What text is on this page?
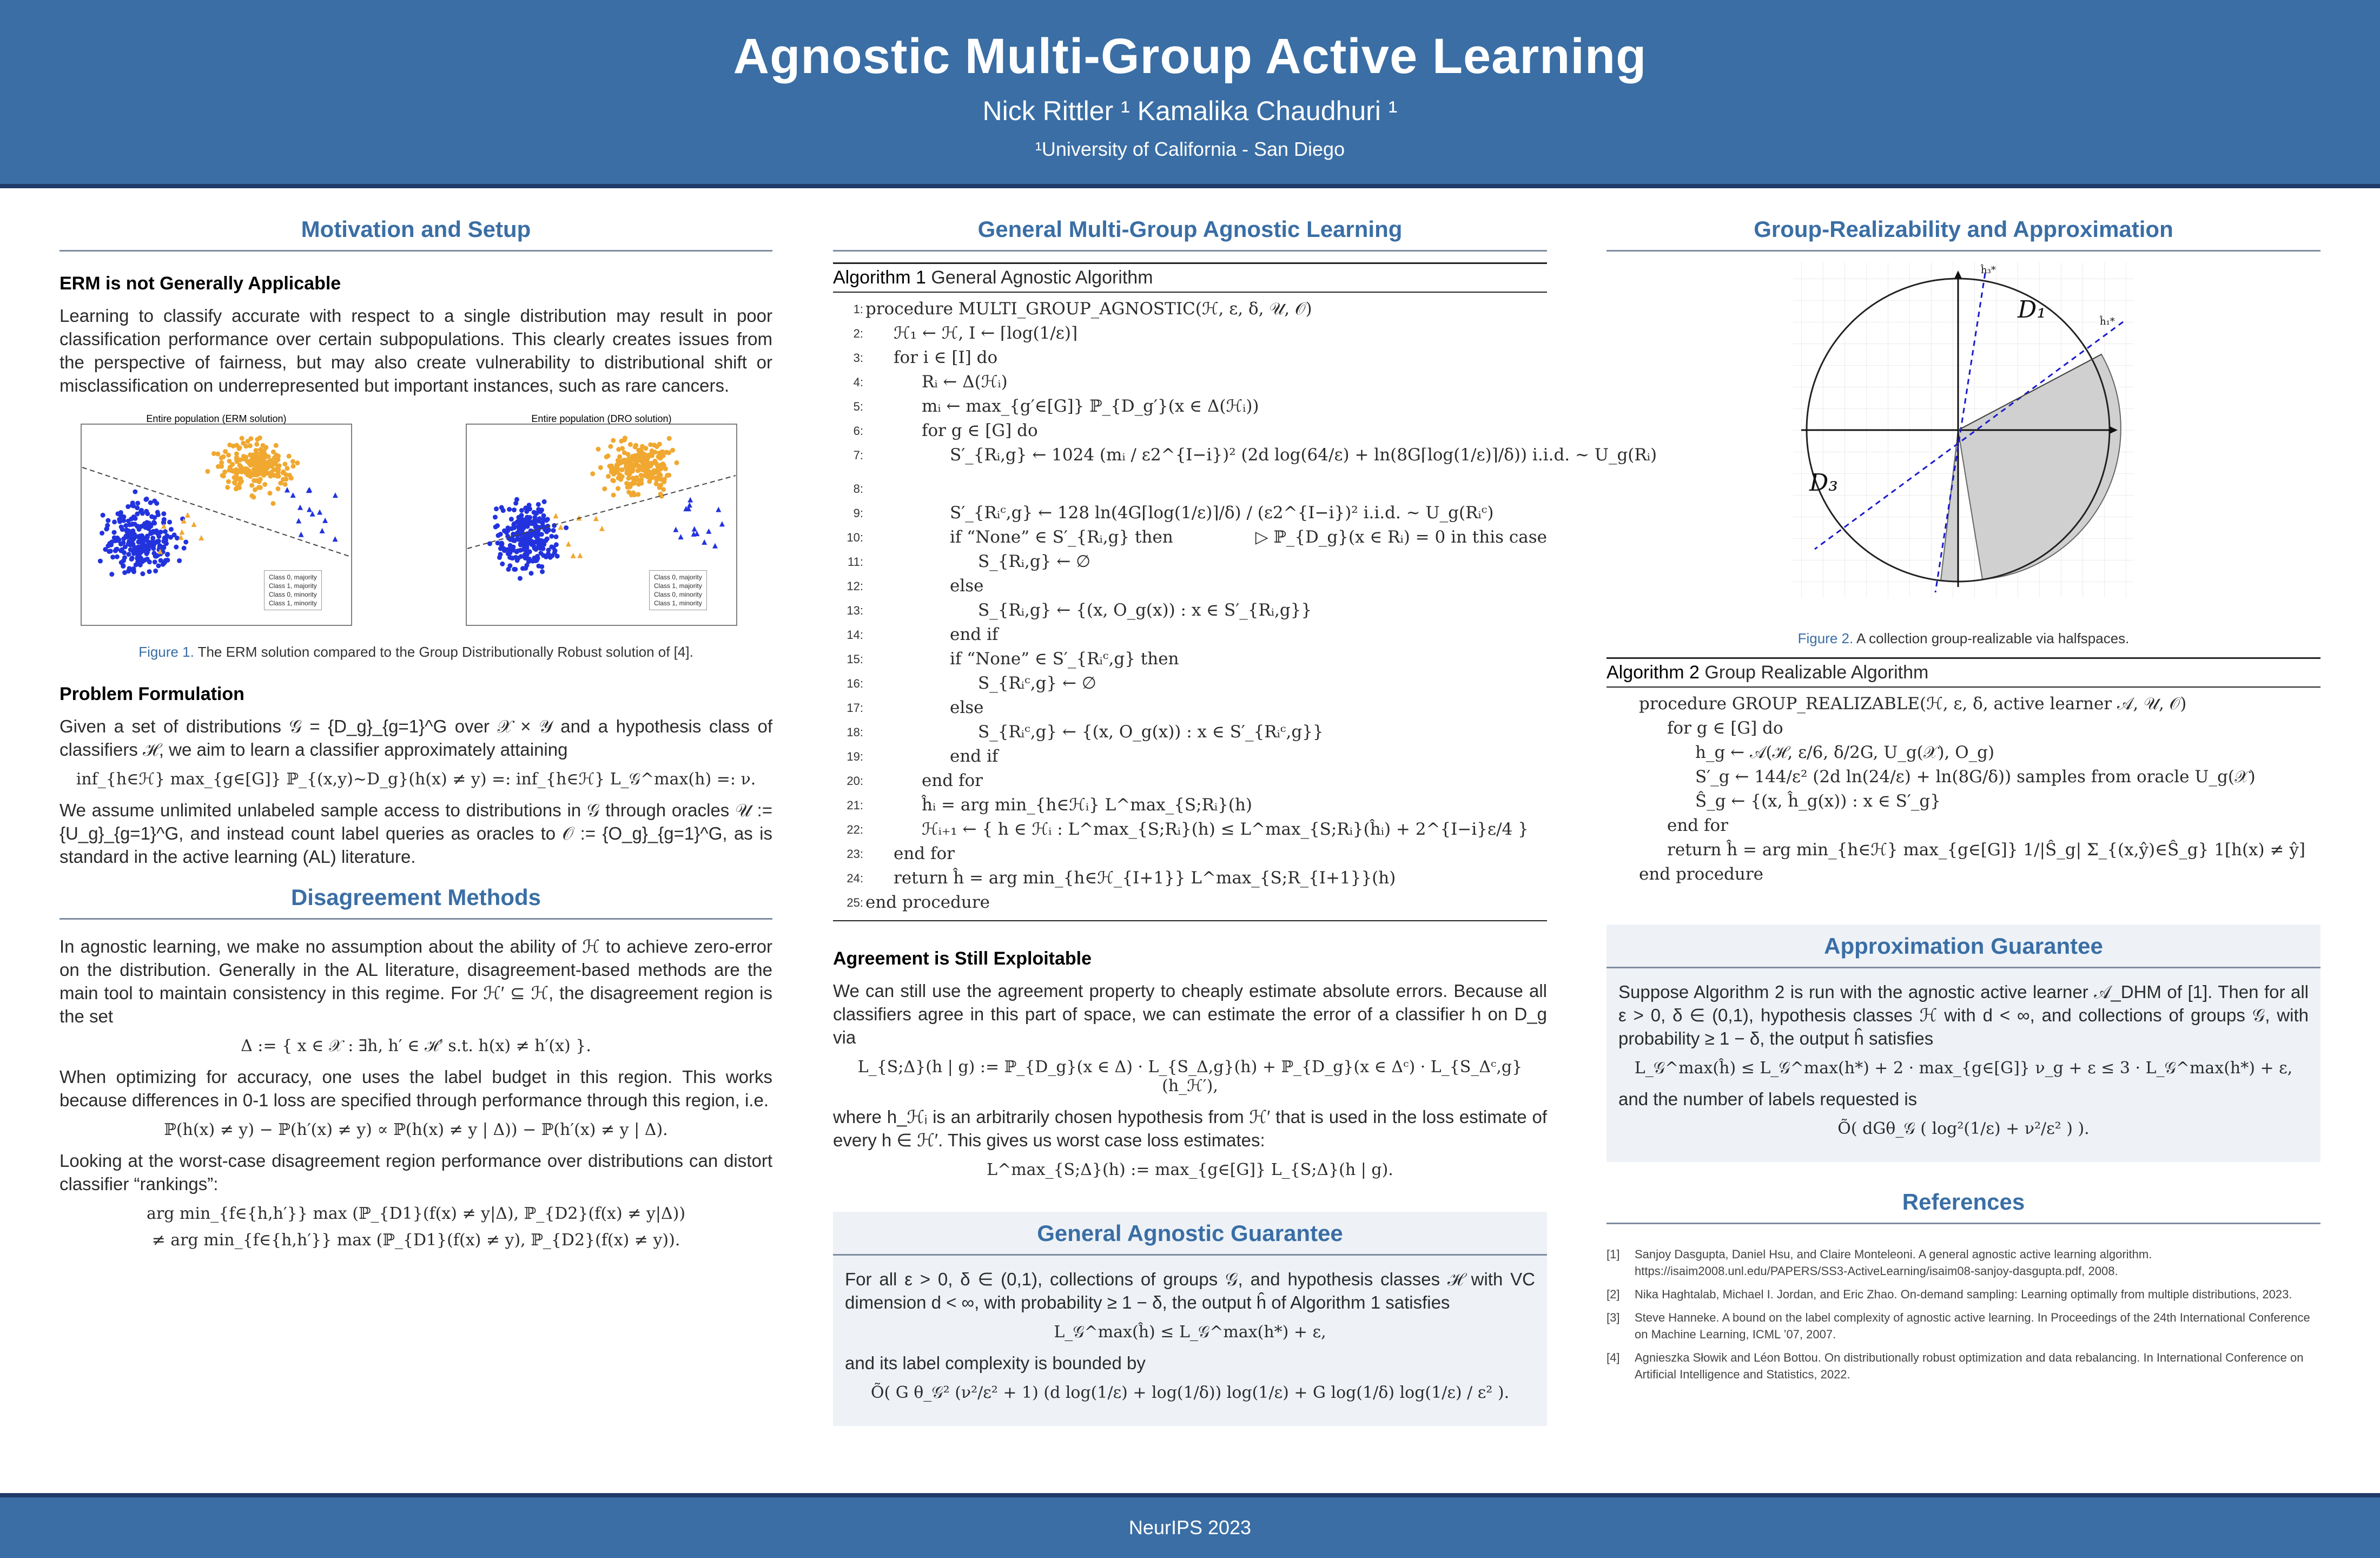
Agnostic Multi-Group Active Learning
Nick Rittler ¹ Kamalika Chaudhuri ¹
¹University of California - San Diego
Motivation and Setup
ERM is not Generally Applicable

Learning to classify accurate with respect to a single distribution may result in poor classification performance over certain subpopulations. This clearly creates issues from the perspective of fairness, but may also create vulnerability to distributional shift or misclassification on underrepresented but important instances, such as rare cancers.

Entire population (ERM solution)	Entire population (DRO solution)
Class 0, majority
Class 1, majority
Class 0, minority
Class 1, minority
Class 0, majority
Class 1, majority
Class 0, minority
Class 1, minority
Figure 1. The ERM solution compared to the Group Distributionally Robust solution of [4].
Problem Formulation

Given a set of distributions 𝒢 = {D_g}_{g=1}^G over 𝒳 × 𝒴 and a hypothesis class of classifiers ℋ, we aim to learn a classifier approximately attaining

inf_{h∈ℋ} max_{g∈[G]} ℙ_{(x,y)~D_g}(h(x) ≠ y) =: inf_{h∈ℋ} L_𝒢^max(h) =: ν.

We assume unlimited unlabeled sample access to distributions in 𝒢 through oracles 𝒰 := {U_g}_{g=1}^G, and instead count label queries as oracles to 𝒪 := {O_g}_{g=1}^G, as is standard in the active learning (AL) literature.

Disagreement Methods

In agnostic learning, we make no assumption about the ability of ℋ to achieve zero-error on the distribution. Generally in the AL literature, disagreement-based methods are the main tool to maintain consistency in this regime. For ℋ′ ⊆ ℋ, the disagreement region is the set

Δ := { x ∈ 𝒳 : ∃h, h′ ∈ ℋ′ s.t. h(x) ≠ h′(x) }.

When optimizing for accuracy, one uses the label budget in this region. This works because differences in 0-1 loss are specified through performance through this region, i.e.

ℙ(h(x) ≠ y) − ℙ(h′(x) ≠ y) ∝ ℙ(h(x) ≠ y | Δ)) − ℙ(h′(x) ≠ y | Δ).

Looking at the worst-case disagreement region performance over distributions can distort classifier “rankings”:

arg min_{f∈{h,h′}} max (ℙ_{D1}(f(x) ≠ y|Δ), ℙ_{D2}(f(x) ≠ y|Δ))
≠ arg min_{f∈{h,h′}} max (ℙ_{D1}(f(x) ≠ y), ℙ_{D2}(f(x) ≠ y)).
General Multi-Group Agnostic Learning
Algorithm 1 General Agnostic Algorithm
1: procedure MULTI_GROUP_AGNOSTIC(ℋ, ε, δ, 𝒰, 𝒪)
2: ℋ₁ ← ℋ, I ← ⌈log(1/ε)⌉
3: for i ∈ [I] do
4:	Rᵢ ← Δ(ℋᵢ)
5:	mᵢ ← max_{g′∈[G]} ℙ_{D_g′}(x ∈ Δ(ℋᵢ))
6:	for g ∈ [G] do
7:	S′_{Rᵢ,g} ← 1024 (mᵢ / ε2^{I−i})² (2d log(64/ε) + ln(8G⌈log(1/ε)⌉/δ)) i.i.d. ~ U_g(Rᵢ)
8:
9:	S′_{Rᵢᶜ,g} ← 128 ln(4G⌈log(1/ε)⌉/δ) / (ε2^{I−i})² i.i.d. ~ U_g(Rᵢᶜ)
10:	if “None” ∈ S′_{Rᵢ,g} then	▷ ℙ_{D_g}(x ∈ Rᵢ) = 0 in this case
11:	S_{Rᵢ,g} ← ∅
12:	else
13:	S_{Rᵢ,g} ← {(x, O_g(x)) : x ∈ S′_{Rᵢ,g}}
14:	end if
15:	if “None” ∈ S′_{Rᵢᶜ,g} then
16:	S_{Rᵢᶜ,g} ← ∅
17:	else
18:	S_{Rᵢᶜ,g} ← {(x, O_g(x)) : x ∈ S′_{Rᵢᶜ,g}}
19:	end if
20:	end for
21:	ĥᵢ = arg min_{h∈ℋᵢ} L^max_{S;Rᵢ}(h)
22:	ℋᵢ₊₁ ← { h ∈ ℋᵢ : L^max_{S;Rᵢ}(h) ≤ L^max_{S;Rᵢ}(ĥᵢ) + 2^{I−i}ε/4 }
23: end for
24: return ĥ = arg min_{h∈ℋ_{I+1}} L^max_{S;R_{I+1}}(h)
25: end procedure
Agreement is Still Exploitable

We can still use the agreement property to cheaply estimate absolute errors. Because all classifiers agree in this part of space, we can estimate the error of a classifier h on D_g via

L_{S;Δ}(h | g) := ℙ_{D_g}(x ∈ Δ) · L_{S_Δ,g}(h) + ℙ_{D_g}(x ∈ Δᶜ) · L_{S_Δᶜ,g}(h_ℋ′),

where h_ℋᵢ is an arbitrarily chosen hypothesis from ℋ′ that is used in the loss estimate of every h ∈ ℋ′. This gives us worst case loss estimates:

L^max_{S;Δ}(h) := max_{g∈[G]} L_{S;Δ}(h | g).
General Agnostic Guarantee

For all ε > 0, δ ∈ (0,1), collections of groups 𝒢, and hypothesis classes ℋ with VC dimension d < ∞, with probability ≥ 1 − δ, the output ĥ of Algorithm 1 satisfies

L_𝒢^max(ĥ) ≤ L_𝒢^max(h*) + ε,

and its label complexity is bounded by

Õ( G θ_𝒢² (ν²/ε² + 1) (d log(1/ε) + log(1/δ)) log(1/ε) + G log(1/δ) log(1/ε) / ε² ).
Group-Realizability and Approximation
D₁
D₃
ĥ₁*
ĥ₃*
Figure 2. A collection group-realizable via halfspaces.
Algorithm 2 Group Realizable Algorithm
procedure GROUP_REALIZABLE(ℋ, ε, δ, active learner 𝒜, 𝒰, 𝒪)
for g ∈ [G] do
h_g ← 𝒜(ℋ, ε/6, δ/2G, U_g(𝒳), O_g)
S′_g ← 144/ε² (2d ln(24/ε) + ln(8G/δ)) samples from oracle U_g(𝒳)
Ŝ_g ← {(x, ĥ_g(x)) : x ∈ S′_g}
end for
return ĥ = arg min_{h∈ℋ} max_{g∈[G]} 1/|Ŝ_g| Σ_{(x,ŷ)∈Ŝ_g} 1[h(x) ≠ ŷ]
end procedure
Approximation Guarantee

Suppose Algorithm 2 is run with the agnostic active learner 𝒜_DHM of [1]. Then for all ε > 0, δ ∈ (0,1), hypothesis classes ℋ with d < ∞, and collections of groups 𝒢, with probability ≥ 1 − δ, the output ĥ satisfies

L_𝒢^max(ĥ) ≤ L_𝒢^max(h*) + 2 · max_{g∈[G]} ν_g + ε ≤ 3 · L_𝒢^max(h*) + ε,

and the number of labels requested is

Õ( dGθ_𝒢 ( log²(1/ε) + ν²/ε² ) ).
References
[1] Sanjoy Dasgupta, Daniel Hsu, and Claire Monteleoni. A general agnostic active learning algorithm. https://isaim2008.unl.edu/PAPERS/SS3-ActiveLearning/isaim08-sanjoy-dasgupta.pdf, 2008.
[2] Nika Haghtalab, Michael I. Jordan, and Eric Zhao. On-demand sampling: Learning optimally from multiple distributions, 2023.
[3] Steve Hanneke. A bound on the label complexity of agnostic active learning. In Proceedings of the 24th International Conference on Machine Learning, ICML ’07, 2007.
[4] Agnieszka Słowik and Léon Bottou. On distributionally robust optimization and data rebalancing. In International Conference on Artificial Intelligence and Statistics, 2022.
NeurIPS 2023
